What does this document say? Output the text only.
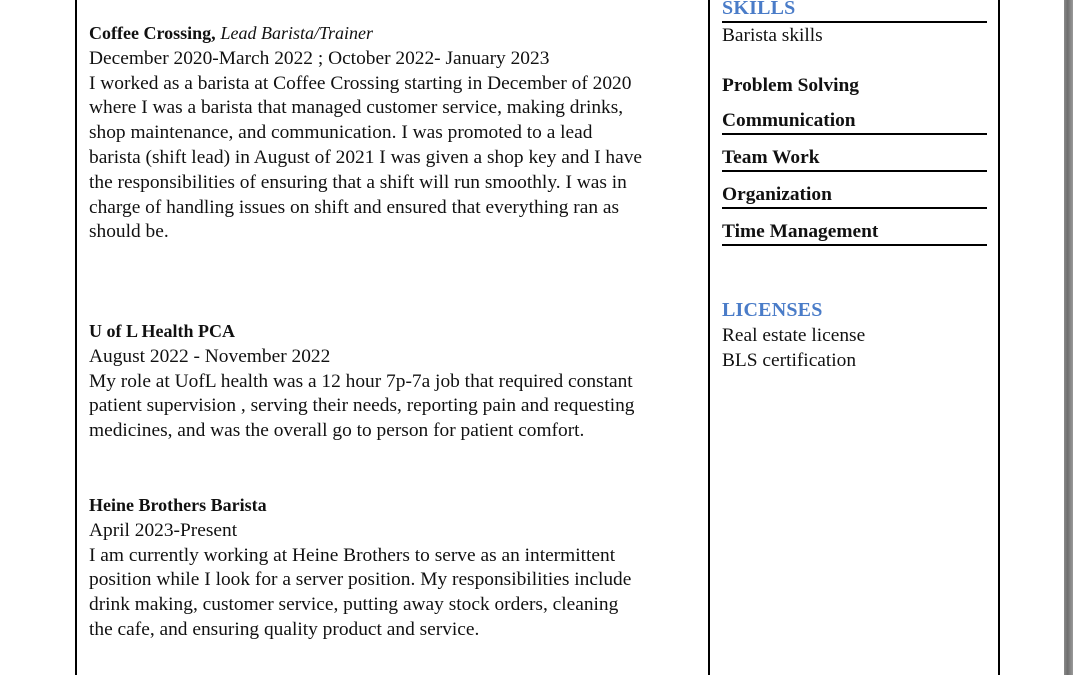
Coffee Crossing, Lead Barista/Trainer
December 2020-March 2022 ; October 2022- January 2023
I worked as a barista at Coffee Crossing starting in December of 2020
where I was a barista that managed customer service, making drinks,
shop maintenance, and communication. I was promoted to a lead
barista (shift lead) in August of 2021 I was given a shop key and I have
the responsibilities of ensuring that a shift will run smoothly. I was in
charge of handling issues on shift and ensured that everything ran as
should be.
U of L Health PCA
August 2022 - November 2022
My role at UofL health was a 12 hour 7p-7a job that required constant
patient supervision , serving their needs, reporting pain and requesting
medicines, and was the overall go to person for patient comfort.
Heine Brothers Barista
April 2023-Present
I am currently working at Heine Brothers to serve as an intermittent
position while I look for a server position. My responsibilities include
drink making, customer service, putting away stock orders, cleaning
the cafe, and ensuring quality product and service.
SKILLS
Barista skills
Problem Solving
Communication
Team Work
Organization
Time Management
LICENSES
Real estate license
BLS certification
